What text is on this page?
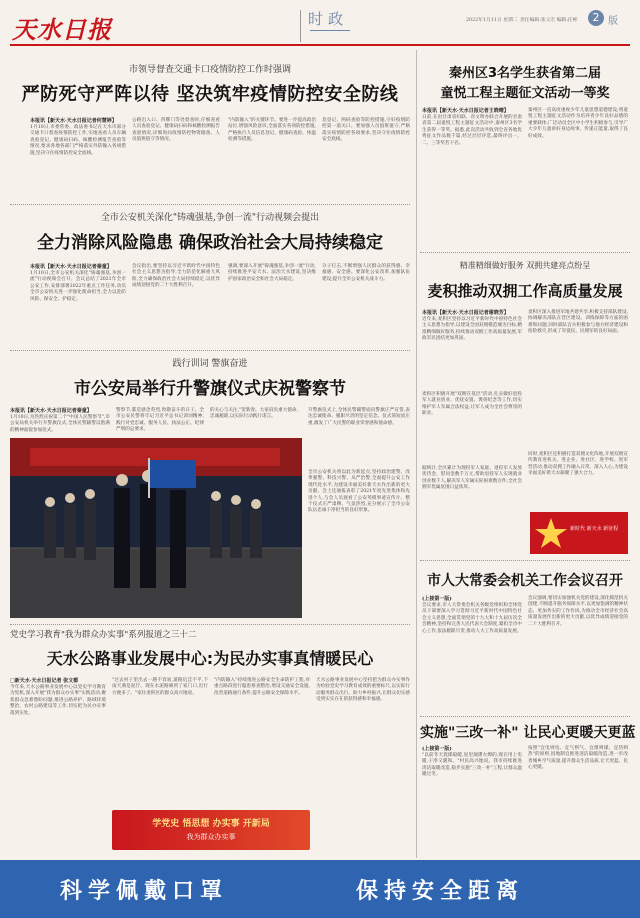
天水日报	时 政	2022年1月11日 星期二 责任编辑:张义宏 编辑:任彬	2 版
市领导督查交通卡口疫情防控工作时强调
严防死守严阵以待 坚决筑牢疫情防控安全防线
本报讯【新天水·天水日报记者何慧婷】
1月10日,市委常委、政法委书记在天水市部分交通卡口督查疫情防控工作,实地查看人员车辆查验登记、健康码扫码、核酸检测报告查验等情况,要求各地各部门严格落实外防输入各项措施,坚决守住疫情防控安全底线。
公路出入口、四牌门等处督查时,仔细查看人员查验登记、健康码扫码和核酸检测报告查验情况,详细询问疫情防控物资储备、人员值班值守等情况。
"内防输入"的关键环节。要进一步提高政治站位,增强风险意识,全面落实各项防控措施,严格执行人员信息登记、健康码查验、体温检测等措施。
息登记、两码查验等防控措施,守好疫情防控第一道关口。要加强人员值班值守,严格落实疫情防控各项要求,坚决守住疫情防控安全底线。
全市公安机关深化"铸魂强基,争创一流"行动视频会提出
全力消除风险隐患 确保政治社会大局持续稳定
本报讯【新天水·天水日报记者秦童】
1月10日,全市公安机关深化"铸魂强基,争创一流"行动视频会召开。会议总结了2021年全市公安工作,安排部署2022年重点工作任务,动员全市公安机关进一步强化使命担当,全力以赴防风险、保安全、护稳定。
会议指出,要坚持以习近平新时代中国特色社会主义思想为指导,全力防范化解重大风险,全力确保政治社会大局持续稳定,以优异成绩迎接党的二十大胜利召开。
强调,要深入开展"铸魂强基,争创一流"行动,持续推进平安天水、法治天水建设,坚决维护国家政治安全和社会大局稳定。
分子打击,不断增强人民群众的获得感、幸福感、安全感。要深化公安改革,加强队伍建设,提升全市公安机关战斗力。
践行训词 警旗奋进
市公安局举行升警旗仪式庆祝警察节
本报讯【新天水·天水日报记者秦童】
1月10日,为热烈庆祝第二个"中国人民警察节",市公安局机关举行升警旗仪式,全体民警辅警以饱满的精神面貌参加仪式。
警察节,都是感念英烈,致敬奋斗的日子。全市公安民警将牢记习近平总书记训词精神,践行对党忠诚、服务人民、执法公正、纪律严明的总要求。
的关心与关注,"贺新春。大家肩负重大使命,忠诚履职,以实际行动践行诺言。
升警旗仪式上,全体民警辅警面向警旗庄严宣誓,表达忠诚使命、履职尽责的坚定信念。仪式简短而庄重,激发了广大民警的职业荣誉感和使命感。
全市公安机关将以此为新起点,坚持政治建警、改革强警、科技兴警、从严治警,全面提升公安工作现代化水平,为建设幸福美好新天水作出新的更大贡献。会上还通报表彰了2021年度先进集体和先进个人,与会人员观看了公安英模事迹宣传片。整个仪式庄严肃穆、气氛热烈,充分展示了全市公安队伍忠诚干净担当的良好形象。
党史学习教育"我为群众办实事"系列报道之三十二
天水公路事业发展中心:为民办实事真情暖民心
□新天水·天水日报记者 张文都
今年来,天水公路事业发展中心以党史学习教育为契机,深入开展"我为群众办实事"实践活动,聚焦群众急难愁盼问题,推进公路养护、路域环境整治、农村公路建设等工作,切实把为民办实事落到实处。
"过去村子里出去一趟不容易,道路坑洼不平,下雨天满是泥泞。现在水泥路修到了家门口,出行方便多了。"家住麦积区的群众高兴地说。
"内防输入"持续推进公路安全生命防护工程,对重点路段进行隐患排查整治,增设交通安全设施,改善道路通行条件,提升公路安全保障水平。
天水公路事业发展中心坚持把为群众办实事作为检验党史学习教育成效的重要标尺,以实际行动服务群众出行、助力乡村振兴,让群众切实感受到实实在在的获得感和幸福感。
学党史 悟思想 办实事 开新局
我为群众办实事
秦州区3名学生获省第二届
童悦工程主题征文活动一等奖
本报讯【新天水·天水日报记者王晓晴】
日前,在由甘肃省妇联、省文明办联合开展的甘肃省第二届童悦工程主题征文活动中,秦州区3名学生获得一等奖。据悉,此次活动共收到全省各地优秀征文作品数千篇,经过层层评选,最终评出一、二、三等奖若干名。
秦州区一直高度重视少年儿童思想道德建设,将童悦工程主题征文活动作为培养青少年良好品德的重要载体,广泛动员全区中小学生积极参与,引导广大少年儿童讲好身边故事、传递正能量,取得了良好成效。
精准精细做好服务 双拥共建亮点纷呈
麦积推动双拥工作高质量发展
本报讯【新天水·天水日报记者谢晓芳】
近年来,麦积区坚持以习近平新时代中国特色社会主义思想为指导,以建设全国双拥模范城为目标,精准精细做好服务,持续推动双拥工作高质量发展,军政军民团结更加巩固。
麦积区积极开展"双拥在基层"活动,扎实做好退役军人就业创业、优抚安置、褒扬纪念等工作,切实维护军人军属合法权益,让军人成为全社会尊崇的职业。
据统计,全区累计为现役军人家庭、退役军人发放优待金、慰问金数千万元,帮助退役军人实现就业创业数千人,解决军人军属实际困难数百件,全社会拥军优属氛围日益浓厚。
麦积区深入推进军地共建共享,积极支持部队建设,协调解决部队在营区建设、训练保障等方面的困难和问题,同时部队官兵积极参与地方经济建设和抢险救灾,形成了军爱民、民拥军的良好局面。
同时,麦积区还积极打造双拥文化阵地,开展双拥宣传教育进机关、进企业、进社区、进学校、进军营活动,推动双拥工作融入日常、深入人心,为建设幸福美好新天水凝聚了强大合力。
新时代 新天水 新征程
市人大常委会机关工作会议召开
(上接第一版)
会议要求,市人大常委会机关各级党组织和全体党员干部要深入学习贯彻习近平新时代中国特色社会主义思想,全面贯彻党的十九大和十九届历次全会精神,坚持和完善人民代表大会制度,紧扣全市中心工作,依法履职尽责,推动人大工作高质量发展。
会议强调,要切实加强机关党的建设,深化模范机关创建,不断提升服务保障水平,以更加饱满的精神状态、更加务实的工作作风,为推动全市经济社会高质量发展作出新的更大贡献,以优异成绩迎接党的二十大胜利召开。
实施"三改一补" 让民心更暖天更蓝
(上接第一版)
"以前冬天烧煤取暖,屋里烟熏火燎的,现在用上电暖,干净又暖和。"村民高兴地说。我市持续推进清洁取暖改造,稳步实施"三改一补"工程,让群众温暖过冬。
按照"宜电则电、宜气则气、宜煤则煤、宜热则热"的原则,因地制宜推进清洁取暖改造,进一步改善城乡空气质量,提升群众生活品质,让天更蓝、民心更暖。
科学佩戴口罩	保持安全距离
